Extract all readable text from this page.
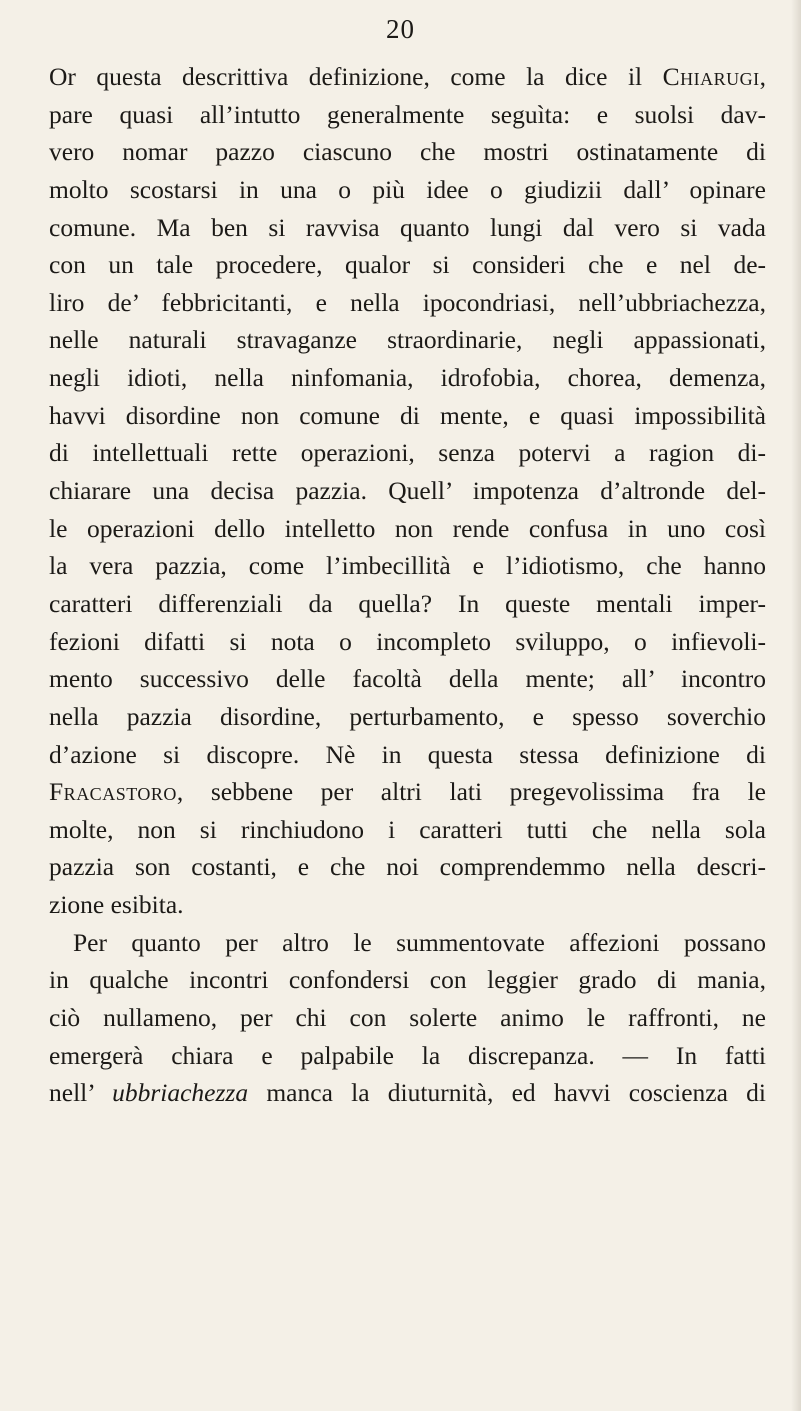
20
Or questa descrittiva definizione, come la dice il Chiarugi,
pare quasi all’intutto generalmente seguìta: e suolsi dav-
vero nomar pazzo ciascuno che mostri ostinatamente di
molto scostarsi in una o più idee o giudizii dall’ opinare
comune. Ma ben si ravvisa quanto lungi dal vero si vada
con un tale procedere, qualor si consideri che e nel de-
liro de’ febbricitanti, e nella ipocondriasi, nell’ubbriachezza,
nelle naturali stravaganze straordinarie, negli appassionati,
negli idioti, nella ninfomania, idrofobia, chorea, demenza,
havvi disordine non comune di mente, e quasi impossibilità
di intellettuali rette operazioni, senza potervi a ragion di-
chiarare una decisa pazzia. Quell’ impotenza d’altronde del-
le operazioni dello intelletto non rende confusa in uno così
la vera pazzia, come l’imbecillità e l’idiotismo, che hanno
caratteri differenziali da quella? In queste mentali imper-
fezioni difatti si nota o incompleto sviluppo, o infievoli-
mento successivo delle facoltà della mente; all’ incontro
nella pazzia disordine, perturbamento, e spesso soverchio
d’azione si discopre. Nè in questa stessa definizione di
Fracastoro, sebbene per altri lati pregevolissima fra le
molte, non si rinchiudono i caratteri tutti che nella sola
pazzia son costanti, e che noi comprendemmo nella descri-
zione esibita.
Per quanto per altro le summentovate affezioni possano
in qualche incontri confondersi con leggier grado di mania,
ciò nullameno, per chi con solerte animo le raffronti, ne
emergerà chiara e palpabile la discrepanza. — In fatti
nell’ ubbriachezza manca la diuturnità, ed havvi coscienza di
